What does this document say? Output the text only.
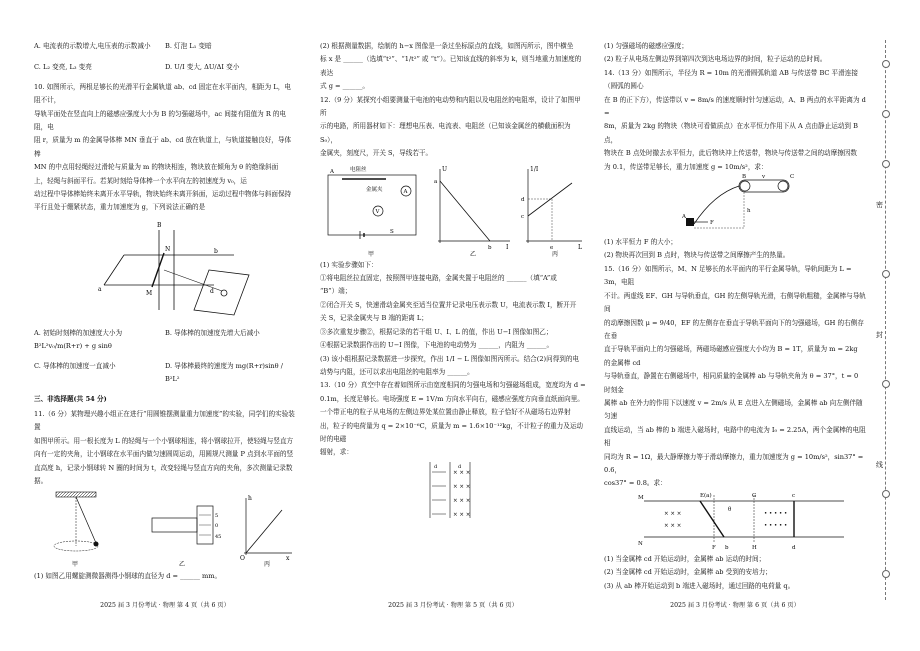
A. 电流表的示数增大,电压表的示数减小	B. 灯泡 L₁ 变暗
C. L₂ 变亮, L₃ 变亮	D. U/I 变大, ΔU/ΔI 变小

10. 如图所示，两根足够长的光滑平行金属轨道 ab、cd 固定在水平面内，相距为 L，电阻不计，

导轨平面处在竖直向上的磁感应强度大小为 B 的匀强磁场中，ac 间接有阻值为 R 的电阻，电

阻 r，质量为 m 的金属导体棒 MN 垂直于 ab、cd 放在轨道上，与轨道接触良好，导体棒

MN 的中点用轻绳经过滑轮与质量为 m 的物块相连，物块放在倾角为 θ 的绝缘斜面

上，轻绳与斜面平行。若某时刻给导体棒一个水平向左的初速度为 v₀，运

动过程中导体棒始终未离开水平导轨，物块始终未离开斜面，运动过程中物体与斜面保持

平行且处于绷紧状态，重力加速度为 g，下列说法正确的是

B
N
M
a
b
d
A. 初始时刻棒的加速度大小为 B²L²v₀/m(R+r) + g sinθ
B. 导体棒的加速度先增大后减小
C. 导体棒的加速度一直减小	D. 导体棒最终的速度为 mg(R+r)sinθ / B²L²

三、非选择题(共 54 分)

11.（6 分）某物理兴趣小组正在进行“用圆锥摆测量重力加速度”的实验，同学们的实验装置

如图甲所示。用一根长度为 L 的轻绳与一个小钢球相连，将小钢球拉开，使轻绳与竖直方

向有一定的夹角，让小钢球在水平面内做匀速圆周运动，用圆规尺测量 P 点到水平面的竖

直高度 h，记录小钢球转 N 圈的时间为 t，改变轻绳与竖直方向的夹角，多次测量记录数据。

0
5
45
h
x
O
甲	乙	丙

(1) 如图乙用螺旋测微器测得小钢球的直径为 d = ______ mm。

2025 届 3 月份考试 · 物理 第 4 页（共 6 页）

(2) 根据测量数据，绘制的 h−x 图像是一条过坐标原点的直线，如图丙所示，图中横坐

标 x 是 ______（选填“t²”、“1/t²” 或 “t”）。已知该直线的斜率为 k，则当地重力加速度的表达

式 g = ______。

12.（9 分）某探究小组要测量干电池的电动势和内阻以及电阻丝的电阻率，设计了如图甲所

示的电路，所用器材如下：理想电压表、电流表、电阻丝（已知该金属丝的横截面积为 S₀），

金属夹，刻度尺，开关 S，导线若干。

电阻丝
金属夹	A
V
S
A	U
I
a
b
1/I
L
d
c
e
甲	乙	丙

(1) 实验步骤如下：

①将电阻丝拉直固定，按照图甲连接电路，金属夹置于电阻丝的 ______（填“A”或

“B”）端；

②闭合开关 S，快速滑动金属夹至适当位置并记录电压表示数 U，电流表示数 I，断开开

关 S，记录金属夹与 B 端的距离 L；

③多次重复步骤②，根据记录的若干组 U、I、L 的值，作出 U−I 图像如图乙；

④根据记录数据作出的 U−I 图像，下电池的电动势为 ______，内阻为 ______。

(3) 该小组根据记录数据进一步探究，作出 1/I − L 图像如图丙所示。结合(2)问得到的电

动势与内阻，还可以求出电阻丝的电阻率为 ______。

13.（10 分）真空中存在着如图所示由宽度相同的匀强电场和匀强磁场组成，宽度均为 d =

0.1m，长度足够长。电场强度 E = 1V/m 方向水平向右，磁感应强度方向垂直纸面向里。

一个带正电的粒子从电场的左侧边界处某位置由静止释放，粒子恰好不从磁场右边界射

出，粒子的电荷量为 q = 2×10⁻⁶C，质量为 m = 1.6×10⁻¹²kg，不计粒子的重力及运动时的电磁

辐射，求：

× × ×
× × ×
× × ×
× × ×
d	d
2025 届 3 月份考试 · 物理 第 5 页（共 6 页）

(1) 匀强磁场的磁感应强度；

(2) 粒子从电场左侧边界到第四次到达电场边界的时间，粒子运动的总时间。

14.（13 分）如图所示，半径为 R = 10m 的光滑圆弧轨道 AB 与传送带 BC 平滑连接（圆弧的圆心

在 B 的正下方），传送带以 v = 8m/s 的速度顺时针匀速运动，A、B 两点的水平距离为 d =

8m，质量为 2kg 的物块（物块可看做质点）在水平恒力作用下从 A 点由静止运动到 B 点，

物块在 B 点处时撤去水平恒力，此后物块冲上传送带，物块与传送带之间的动摩擦因数

为 0.1，传送带足够长，重力加速度 g = 10m/s²，求：

A
F
B	C
v
h

(1) 水平恒力 F 的大小；

(2) 物块再次回到 B 点时，物块与传送带之间摩擦产生的热量。

15.（16 分）如图所示，M、N 足够长的水平面内的平行金属导轨，导轨间距为 L = 3m，电阻

不计。两虚线 EF、GH 与导轨垂直，GH 的左侧导轨光滑，右侧导轨粗糙，金属棒与导轨间

的动摩擦因数 μ = 9/40，EF 的左侧存在垂直于导轨平面向下的匀强磁场，GH 的右侧存在垂

直于导轨平面向上的匀强磁场，两磁场磁感应强度大小均为 B = 1T，质量为 m = 2kg 的金属棒 cd

与导轨垂直，静置在右侧磁场中，相同质量的金属棒 ab 与导轨夹角为 θ = 37°，t = 0 时刻金

属棒 ab 在外力的作用下以速度 v = 2m/s 从 E 点进入左侧磁场，金属棒 ab 向左侧伴随匀速

直线运动，当 ab 棒的 b 端进入磁场时，电路中的电流为 I₀ = 2.25A，两个金属棒的电阻相

同均为 R = 1Ω，最大静摩擦力等于滑动摩擦力，重力加速度为 g = 10m/s²，sin37° = 0.6，

cos37° = 0.8。求：

× × ×
× × ×
• • • • •
• • • • •
M
N
E(a)
F b
G
H
c
d
θ

(1) 当金属棒 cd 开始运动时，金属棒 ab 运动的时间；

(2) 当金属棒 cd 开始运动时，金属棒 ab 受到的安培力；

(3) 从 ab 棒开始运动到 b 端进入磁场时，通过回路的电荷量 q。

2025 届 3 月份考试 · 物理 第 6 页（共 6 页）
密
封
线
